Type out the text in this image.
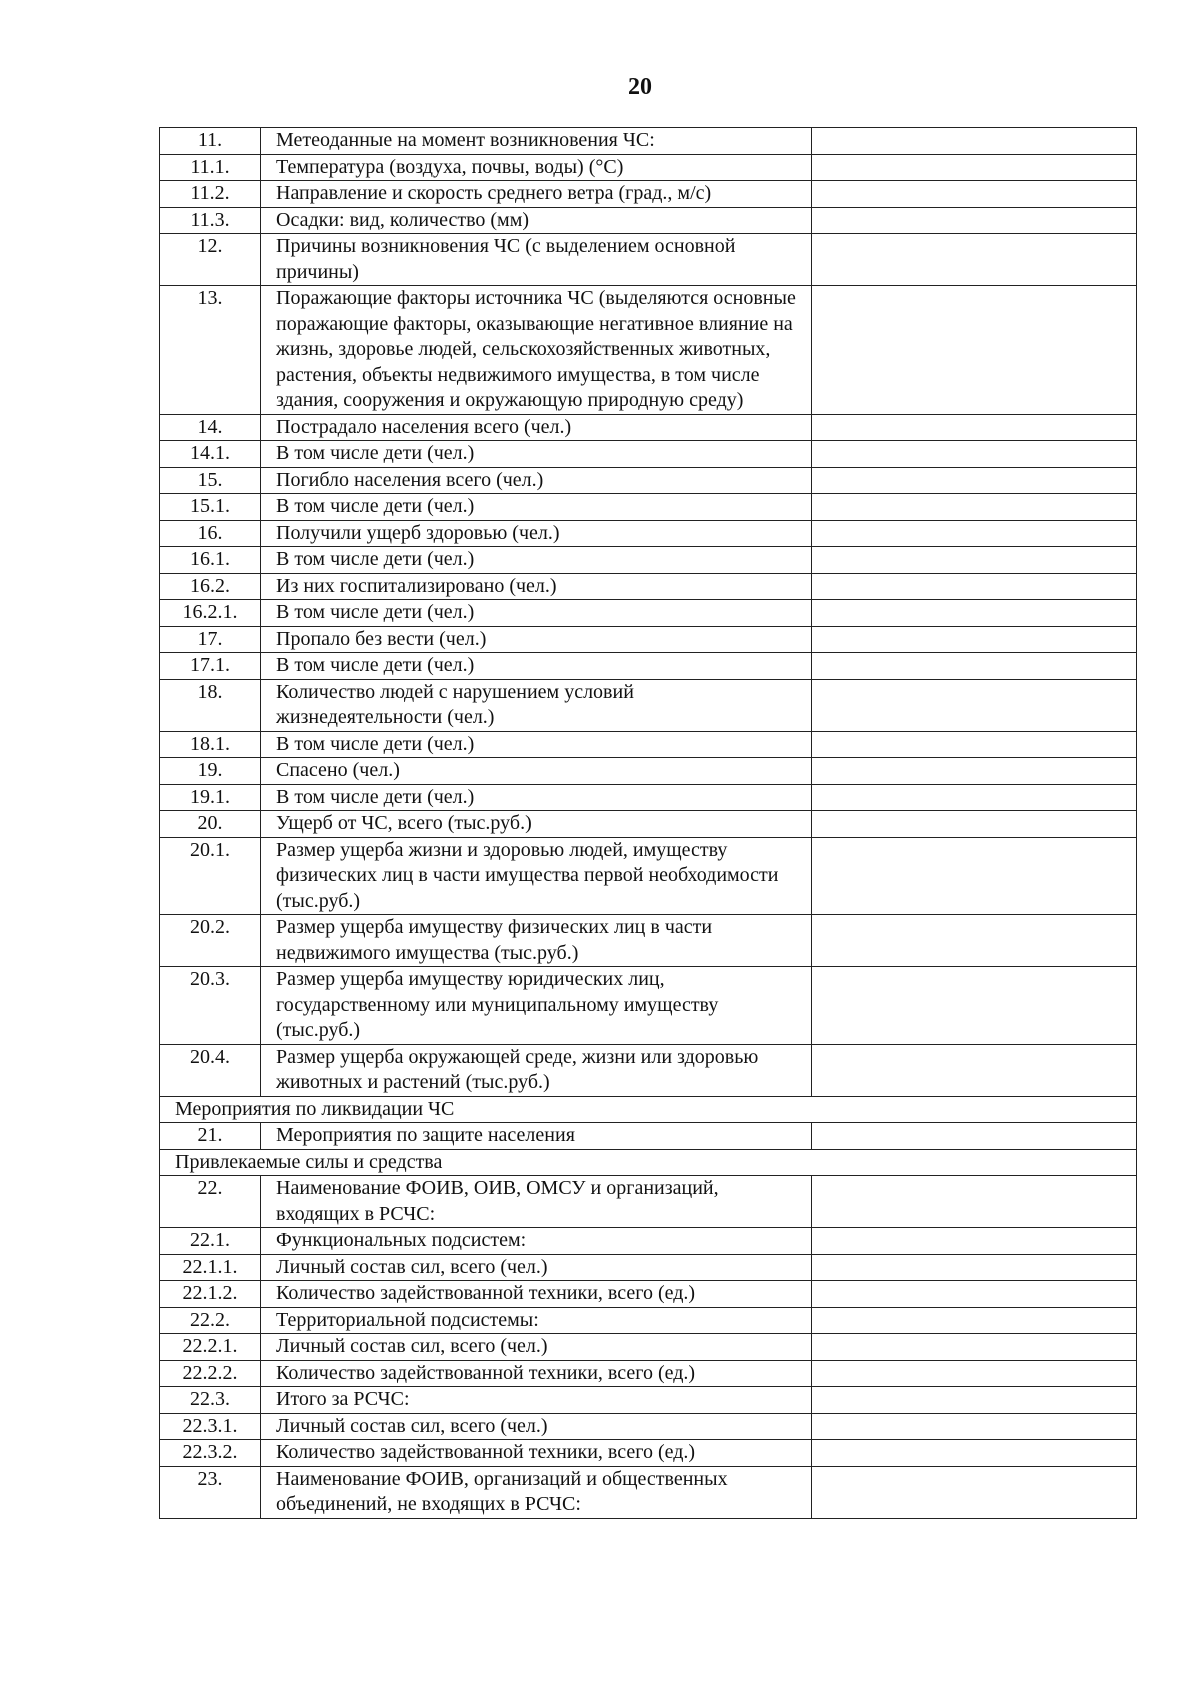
20
11.	Метеоданные на момент возникновения ЧС:	
11.1.	Температура (воздуха, почвы, воды) (°С)	
11.2.	Направление и скорость среднего ветра (град., м/с)	
11.3.	Осадки: вид, количество (мм)	
12.	Причины возникновения ЧС (с выделением основной причины)	
13.	Поражающие факторы источника ЧС (выделяются основные поражающие факторы, оказывающие негативное влияние на жизнь, здоровье людей, сельскохозяйственных животных, растения, объекты недвижимого имущества, в том числе здания, сооружения и окружающую природную среду)	
14.	Пострадало населения всего (чел.)	
14.1.	В том числе дети (чел.)	
15.	Погибло населения всего (чел.)	
15.1.	В том числе дети (чел.)	
16.	Получили ущерб здоровью (чел.)	
16.1.	В том числе дети (чел.)	
16.2.	Из них госпитализировано (чел.)	
16.2.1.	В том числе дети (чел.)	
17.	Пропало без вести (чел.)	
17.1.	В том числе дети (чел.)	
18.	Количество людей с нарушением условий жизнедеятельности (чел.)	
18.1.	В том числе дети (чел.)	
19.	Спасено (чел.)	
19.1.	В том числе дети (чел.)	
20.	Ущерб от ЧС, всего (тыс.руб.)	
20.1.	Размер ущерба жизни и здоровью людей, имуществу физических лиц в части имущества первой необходимости (тыс.руб.)	
20.2.	Размер ущерба имуществу физических лиц в части недвижимого имущества (тыс.руб.)	
20.3.	Размер ущерба имуществу юридических лиц, государственному или муниципальному имуществу (тыс.руб.)	
20.4.	Размер ущерба окружающей среде, жизни или здоровью животных и растений (тыс.руб.)	
Мероприятия по ликвидации ЧС		
21.	Мероприятия по защите населения	
Привлекаемые силы и средства		
22.	Наименование ФОИВ, ОИВ, ОМСУ и организаций, входящих в РСЧС:	
22.1.	Функциональных подсистем:	
22.1.1.	Личный состав сил, всего (чел.)	
22.1.2.	Количество задействованной техники, всего (ед.)	
22.2.	Территориальной подсистемы:	
22.2.1.	Личный состав сил, всего (чел.)	
22.2.2.	Количество задействованной техники, всего (ед.)	
22.3.	Итого за РСЧС:	
22.3.1.	Личный состав сил, всего (чел.)	
22.3.2.	Количество задействованной техники, всего (ед.)	
23.	Наименование ФОИВ, организаций и общественных объединений, не входящих в РСЧС:	
